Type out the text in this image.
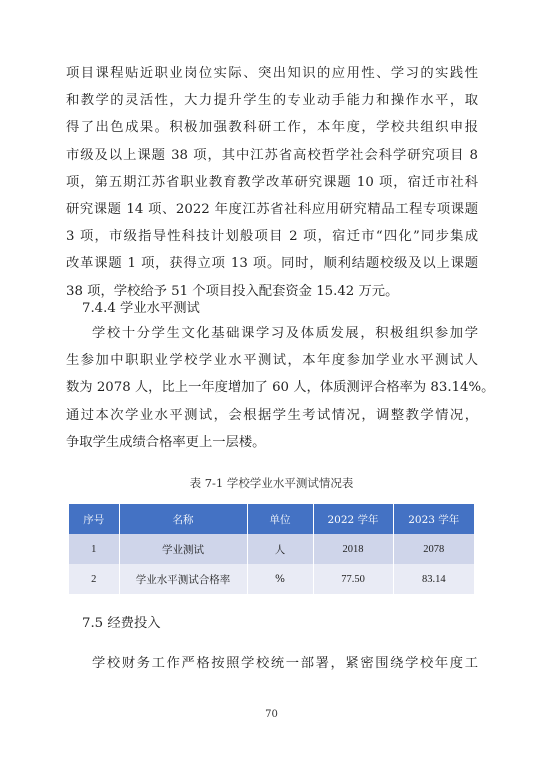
项目课程贴近职业岗位实际、突出知识的应用性、学习的实践性
和教学的灵活性，大力提升学生的专业动手能力和操作水平，取
得了出色成果。积极加强教科研工作，本年度，学校共组织申报
市级及以上课题 38 项，其中江苏省高校哲学社会科学研究项目 8
项，第五期江苏省职业教育教学改革研究课题 10 项，宿迁市社科
研究课题 14 项、2022 年度江苏省社科应用研究精品工程专项课题
3 项，市级指导性科技计划般项目 2 项，宿迁市“四化”同步集成
改革课题 1 项，获得立项 13 项。同时，顺利结题校级及以上课题
38 项，学校给予 51 个项目投入配套资金 15.42 万元。
7.4.4 学业水平测试
学校十分学生文化基础课学习及体质发展，积极组织参加学
生参加中职职业学校学业水平测试，本年度参加学业水平测试人
数为 2078 人，比上一年度增加了 60 人，体质测评合格率为 83.14%。
通过本次学业水平测试，会根据学生考试情况，调整教学情况，
争取学生成绩合格率更上一层楼。
表 7-1 学校学业水平测试情况表
序号	名称	单位	2022 学年	2023 学年
1	学业测试	人	2018	2078
2	学业水平测试合格率	%	77.50	83.14
7.5 经费投入
学校财务工作严格按照学校统一部署，紧密围绕学校年度工
70
